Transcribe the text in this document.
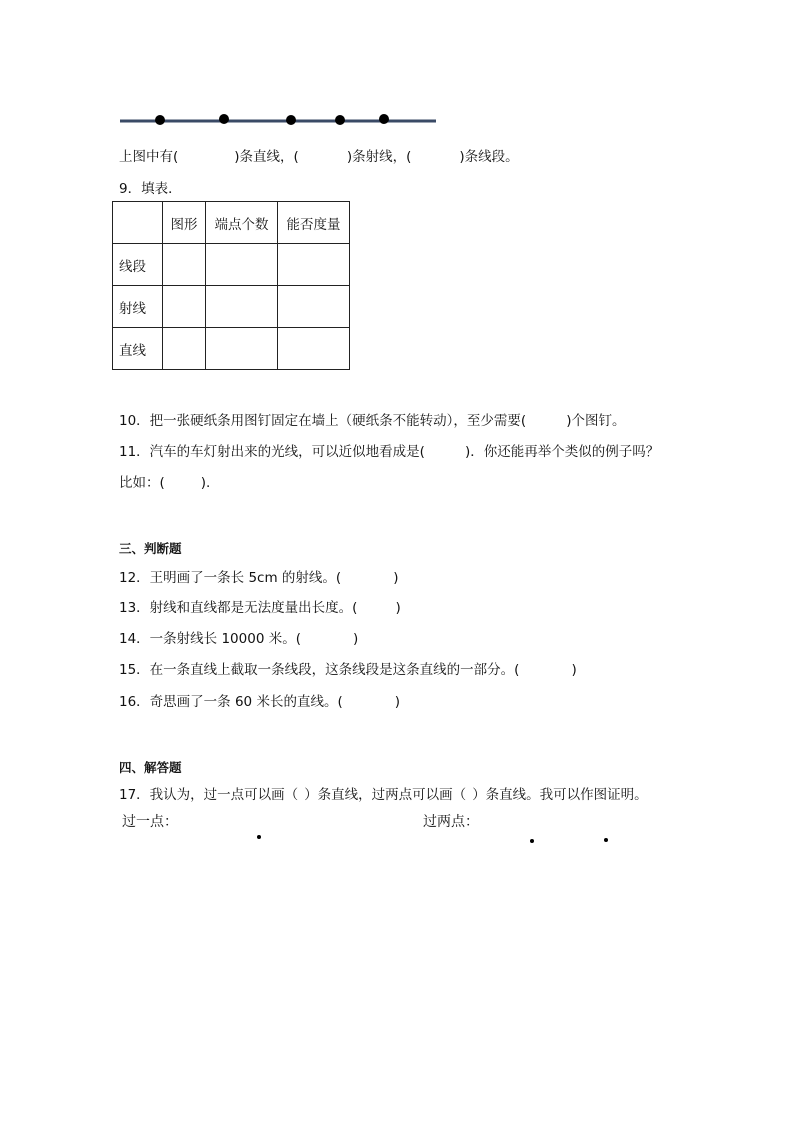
上图中有(	)条直线，(	)条射线，(	)条线段。
9．填表．
	图形	端点个数	能否度量
线段			
射线			
直线			
10．把一张硬纸条用图钉固定在墙上（硬纸条不能转动），至少需要(	)个图钉。
11．汽车的车灯射出来的光线，可以近似地看成是(	)．你还能再举个类似的例子吗？
比如：(	).
三、判断题
12．王明画了一条长 5cm 的射线。(	)
13．射线和直线都是无法度量出长度。(	)
14．一条射线长 10000 米。(	)
15．在一条直线上截取一条线段，这条线段是这条直线的一部分。(	)
16．奇思画了一条 60 米长的直线。(	)
四、解答题
17．我认为，过一点可以画（ ）条直线，过两点可以画（ ）条直线。我可以作图证明。
过一点：	过两点：
